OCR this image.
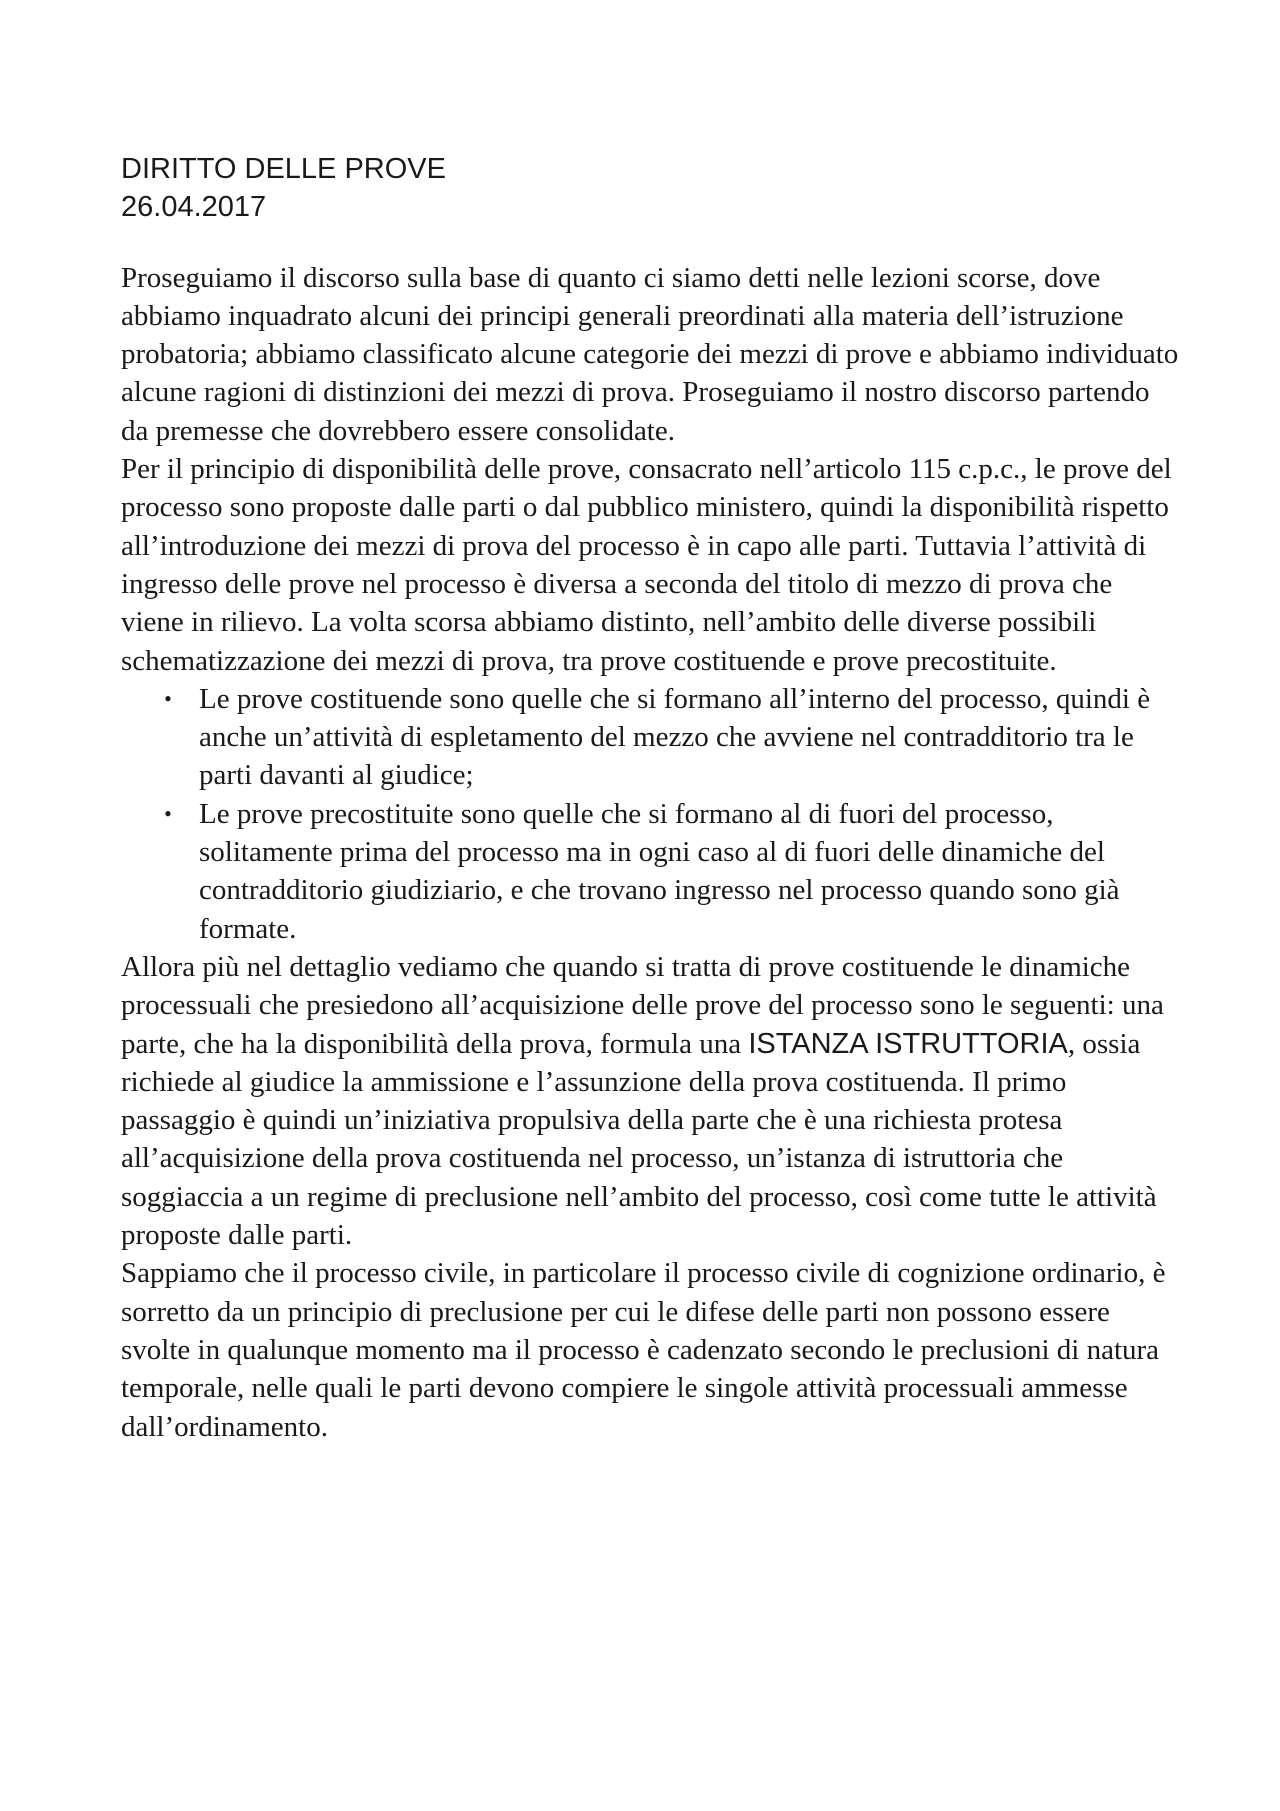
DIRITTO DELLE PROVE
26.04.2017

Proseguiamo il discorso sulla base di quanto ci siamo detti nelle lezioni scorse, dove abbiamo inquadrato alcuni dei principi generali preordinati alla materia dell’istruzione probatoria; abbiamo classificato alcune categorie dei mezzi di prove e abbiamo individuato alcune ragioni di distinzioni dei mezzi di prova. Proseguiamo il nostro discorso partendo da premesse che dovrebbero essere consolidate.

Per il principio di disponibilità delle prove, consacrato nell’articolo 115 c.p.c., le prove del processo sono proposte dalle parti o dal pubblico ministero, quindi la disponibilità rispetto all’introduzione dei mezzi di prova del processo è in capo alle parti. Tuttavia l’attività di ingresso delle prove nel processo è diversa a seconda del titolo di mezzo di prova che viene in rilievo. La volta scorsa abbiamo distinto, nell’ambito delle diverse possibili schematizzazione dei mezzi di prova, tra prove costituende e prove precostituite.

• Le prove costituende sono quelle che si formano all’interno del processo, quindi è anche un’attività di espletamento del mezzo che avviene nel contradditorio tra le parti davanti al giudice;
• Le prove precostituite sono quelle che si formano al di fuori del processo, solitamente prima del processo ma in ogni caso al di fuori delle dinamiche del contradditorio giudiziario, e che trovano ingresso nel processo quando sono già formate.

Allora più nel dettaglio vediamo che quando si tratta di prove costituende le dinamiche processuali che presiedono all’acquisizione delle prove del processo sono le seguenti: una parte, che ha la disponibilità della prova, formula una ISTANZA ISTRUTTORIA, ossia richiede al giudice la ammissione e l’assunzione della prova costituenda. Il primo passaggio è quindi un’iniziativa propulsiva della parte che è una richiesta protesa all’acquisizione della prova costituenda nel processo, un’istanza di istruttoria che soggiaccia a un regime di preclusione nell’ambito del processo, così come tutte le attività proposte dalle parti.

Sappiamo che il processo civile, in particolare il processo civile di cognizione ordinario, è sorretto da un principio di preclusione per cui le difese delle parti non possono essere svolte in qualunque momento ma il processo è cadenzato secondo le preclusioni di natura temporale, nelle quali le parti devono compiere le singole attività processuali ammesse dall’ordinamento.
